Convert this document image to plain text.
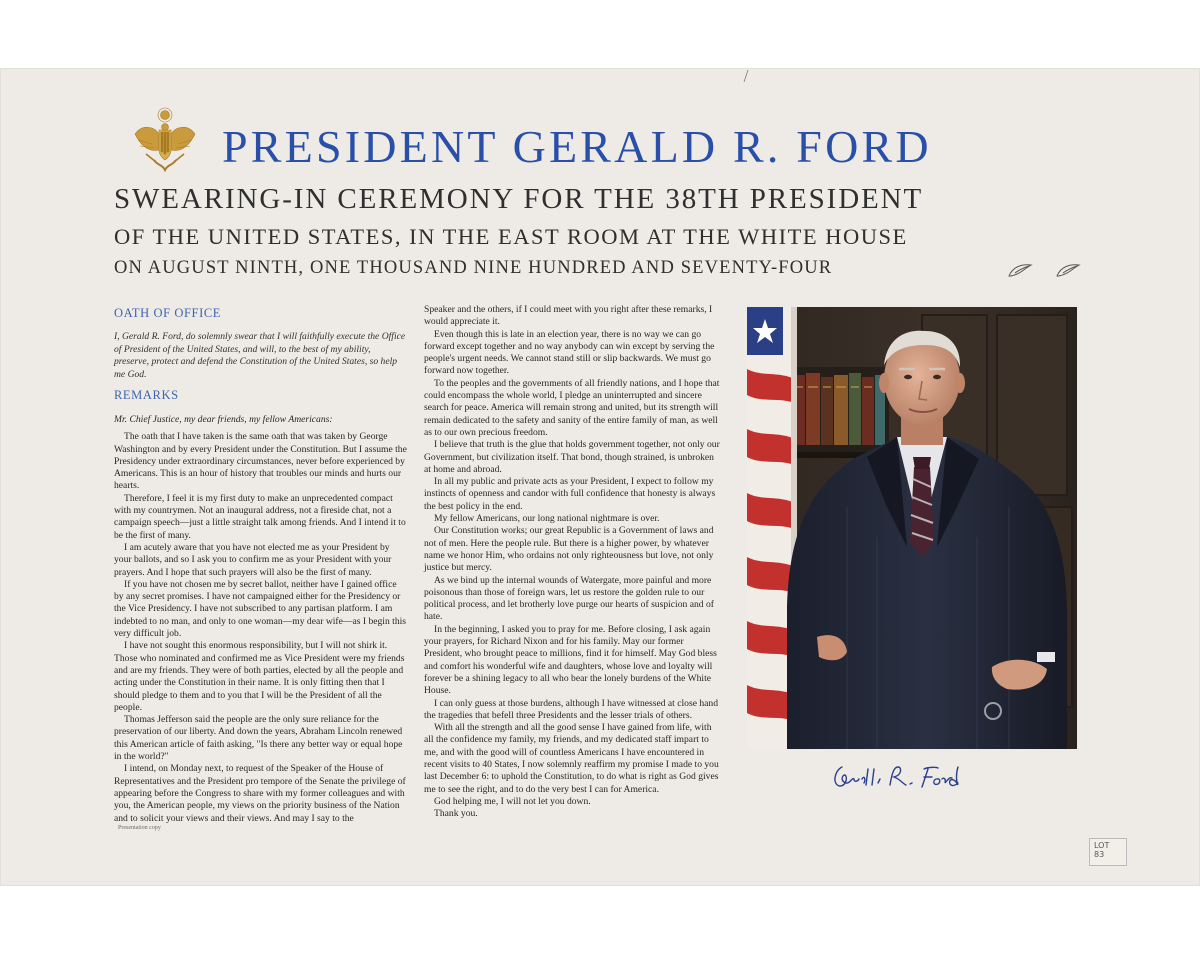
PRESIDENT GERALD R. FORD
SWEARING-IN CEREMONY FOR THE 38TH PRESIDENT
OF THE UNITED STATES, IN THE EAST ROOM AT THE WHITE HOUSE
ON AUGUST NINTH, ONE THOUSAND NINE HUNDRED AND SEVENTY-FOUR
OATH OF OFFICE

I, Gerald R. Ford, do solemnly swear that I will faithfully execute the Office of President of the United States, and will, to the best of my ability, preserve, protect and defend the Constitution of the United States, so help me God.

REMARKS

Mr. Chief Justice, my dear friends, my fellow Americans:

The oath that I have taken is the same oath that was taken by George Washington and by every President under the Constitution. But I assume the Presidency under extraordinary circumstances, never before experienced by Americans. This is an hour of history that troubles our minds and hurts our hearts.

Therefore, I feel it is my first duty to make an unprecedented compact with my countrymen. Not an inaugural address, not a fireside chat, not a campaign speech—just a little straight talk among friends. And I intend it to be the first of many.

I am acutely aware that you have not elected me as your President by your ballots, and so I ask you to confirm me as your President with your prayers. And I hope that such prayers will also be the first of many.

If you have not chosen me by secret ballot, neither have I gained office by any secret promises. I have not campaigned either for the Presidency or the Vice Presidency. I have not subscribed to any partisan platform. I am indebted to no man, and only to one woman—my dear wife—as I begin this very difficult job.

I have not sought this enormous responsibility, but I will not shirk it. Those who nominated and confirmed me as Vice President were my friends and are my friends. They were of both parties, elected by all the people and acting under the Constitution in their name. It is only fitting then that I should pledge to them and to you that I will be the President of all the people.

Thomas Jefferson said the people are the only sure reliance for the preservation of our liberty. And down the years, Abraham Lincoln renewed this American article of faith asking, "Is there any better way or equal hope in the world?"

I intend, on Monday next, to request of the Speaker of the House of Representatives and the President pro tempore of the Senate the privilege of appearing before the Congress to share with my former colleagues and with you, the American people, my views on the priority business of the Nation and to solicit your views and their views. And may I say to the

Speaker and the others, if I could meet with you right after these remarks, I would appreciate it.

Even though this is late in an election year, there is no way we can go forward except together and no way anybody can win except by serving the people's urgent needs. We cannot stand still or slip backwards. We must go forward now together.

To the peoples and the governments of all friendly nations, and I hope that could encompass the whole world, I pledge an uninterrupted and sincere search for peace. America will remain strong and united, but its strength will remain dedicated to the safety and sanity of the entire family of man, as well as to our own precious freedom.

I believe that truth is the glue that holds government together, not only our Government, but civilization itself. That bond, though strained, is unbroken at home and abroad.

In all my public and private acts as your President, I expect to follow my instincts of openness and candor with full confidence that honesty is always the best policy in the end.

My fellow Americans, our long national nightmare is over.

Our Constitution works; our great Republic is a Government of laws and not of men. Here the people rule. But there is a higher power, by whatever name we honor Him, who ordains not only righteousness but love, not only justice but mercy.

As we bind up the internal wounds of Watergate, more painful and more poisonous than those of foreign wars, let us restore the golden rule to our political process, and let brotherly love purge our hearts of suspicion and of hate.

In the beginning, I asked you to pray for me. Before closing, I ask again your prayers, for Richard Nixon and for his family. May our former President, who brought peace to millions, find it for himself. May God bless and comfort his wonderful wife and daughters, whose love and loyalty will forever be a shining legacy to all who bear the lonely burdens of the White House.

I can only guess at those burdens, although I have witnessed at close hand the tragedies that befell three Presidents and the lesser trials of others.

With all the strength and all the good sense I have gained from life, with all the confidence my family, my friends, and my dedicated staff impart to me, and with the good will of countless Americans I have encountered in recent visits to 40 States, I now solemnly reaffirm my promise I made to you last December 6: to uphold the Constitution, to do what is right as God gives me to see the right, and to do the very best I can for America.

God helping me, I will not let you down.

Thank you.

Presentation copy
LOT 83
